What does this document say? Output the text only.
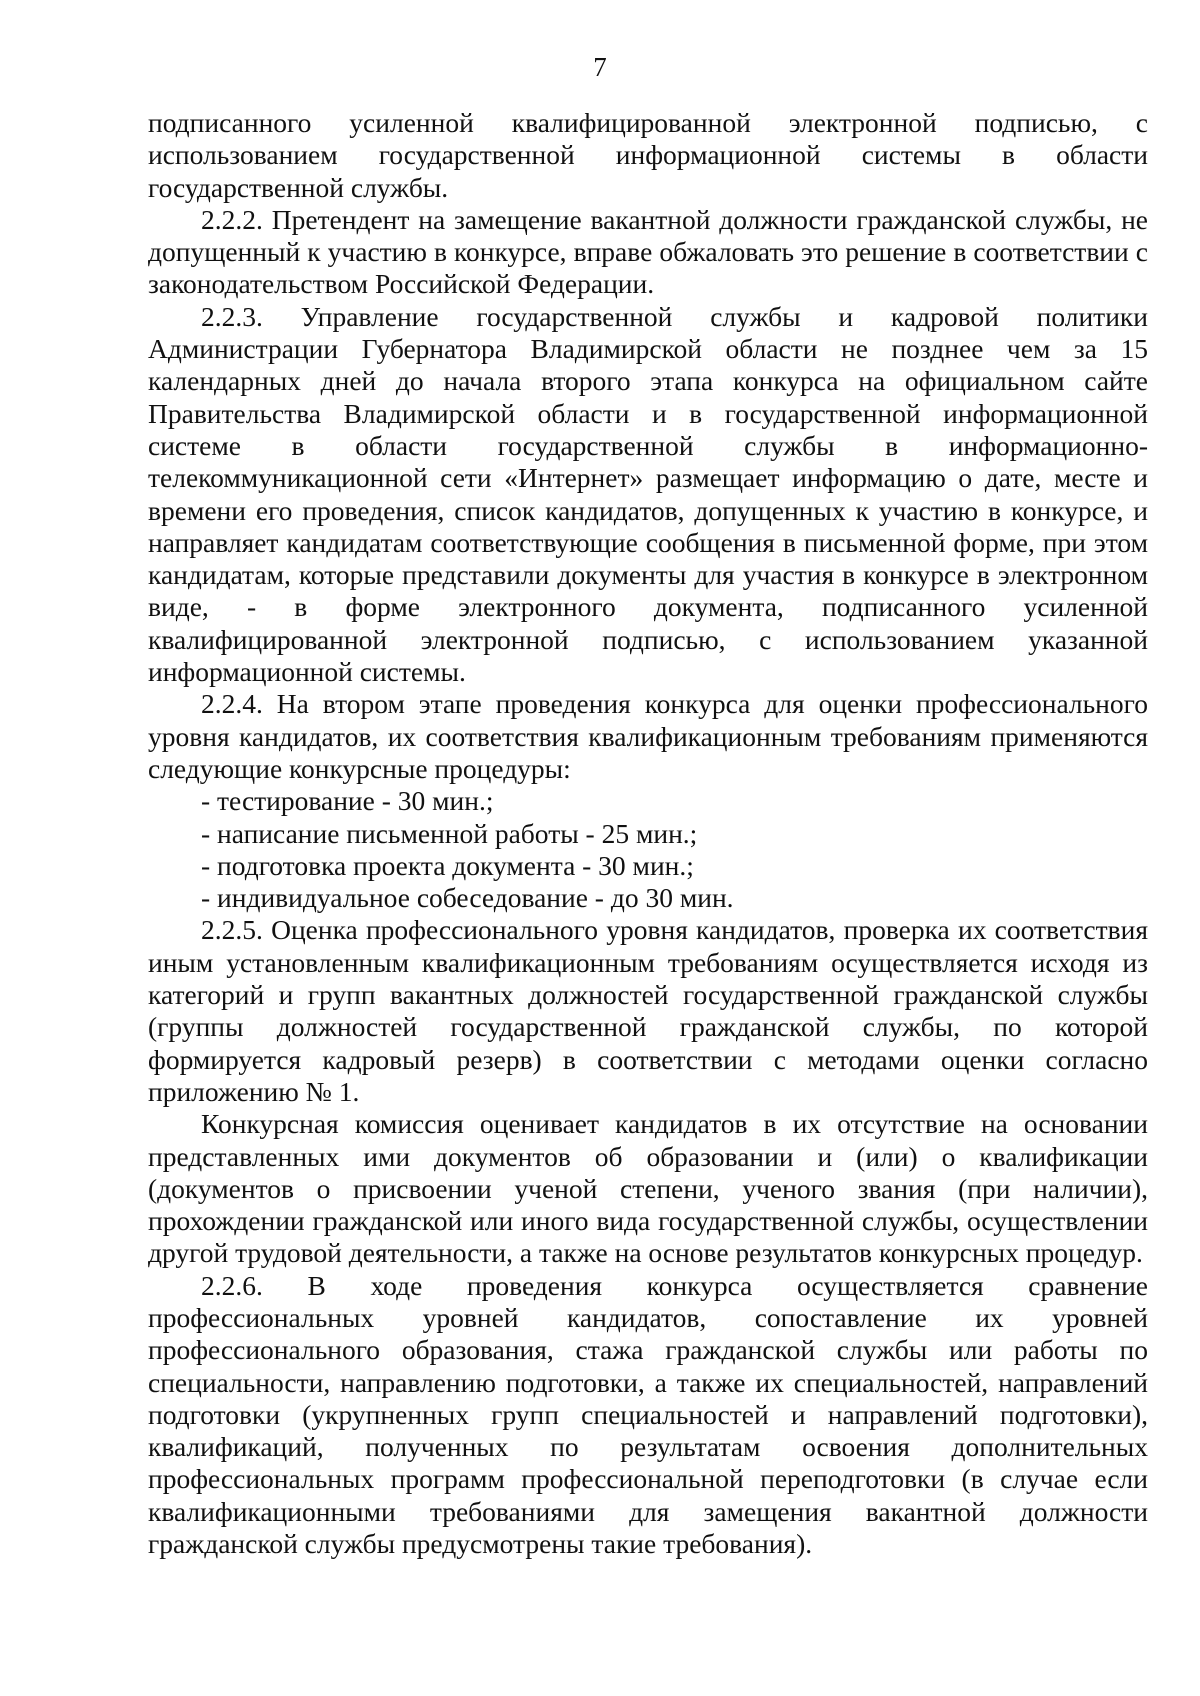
7

подписанного усиленной квалифицированной электронной подписью, с использованием государственной информационной системы в области государственной службы.

2.2.2. Претендент на замещение вакантной должности гражданской службы, не допущенный к участию в конкурсе, вправе обжаловать это решение в соответствии с законодательством Российской Федерации.

2.2.3. Управление государственной службы и кадровой политики Администрации Губернатора Владимирской области не позднее чем за 15 календарных дней до начала второго этапа конкурса на официальном сайте Правительства Владимирской области и в государственной информационной системе в области государственной службы в информационно-телекоммуникационной сети «Интернет» размещает информацию о дате, месте и времени его проведения, список кандидатов, допущенных к участию в конкурсе, и направляет кандидатам соответствующие сообщения в письменной форме, при этом кандидатам, которые представили документы для участия в конкурсе в электронном виде, - в форме электронного документа, подписанного усиленной квалифицированной электронной подписью, с использованием указанной информационной системы.

2.2.4. На втором этапе проведения конкурса для оценки профессионального уровня кандидатов, их соответствия квалификационным требованиям применяются следующие конкурсные процедуры:

- тестирование - 30 мин.;

- написание письменной работы - 25 мин.;

- подготовка проекта документа - 30 мин.;

- индивидуальное собеседование - до 30 мин.

2.2.5. Оценка профессионального уровня кандидатов, проверка их соответствия иным установленным квалификационным требованиям осуществляется исходя из категорий и групп вакантных должностей государственной гражданской службы (группы должностей государственной гражданской службы, по которой формируется кадровый резерв) в соответствии с методами оценки согласно приложению № 1.

Конкурсная комиссия оценивает кандидатов в их отсутствие на основании представленных ими документов об образовании и (или) о квалификации (документов о присвоении ученой степени, ученого звания (при наличии), прохождении гражданской или иного вида государственной службы, осуществлении другой трудовой деятельности, а также на основе результатов конкурсных процедур.

2.2.6. В ходе проведения конкурса осуществляется сравнение профессиональных уровней кандидатов, сопоставление их уровней профессионального образования, стажа гражданской службы или работы по специальности, направлению подготовки, а также их специальностей, направлений подготовки (укрупненных групп специальностей и направлений подготовки), квалификаций, полученных по результатам освоения дополнительных профессиональных программ профессиональной переподготовки (в случае если квалификационными требованиями для замещения вакантной должности гражданской службы предусмотрены такие требования).
